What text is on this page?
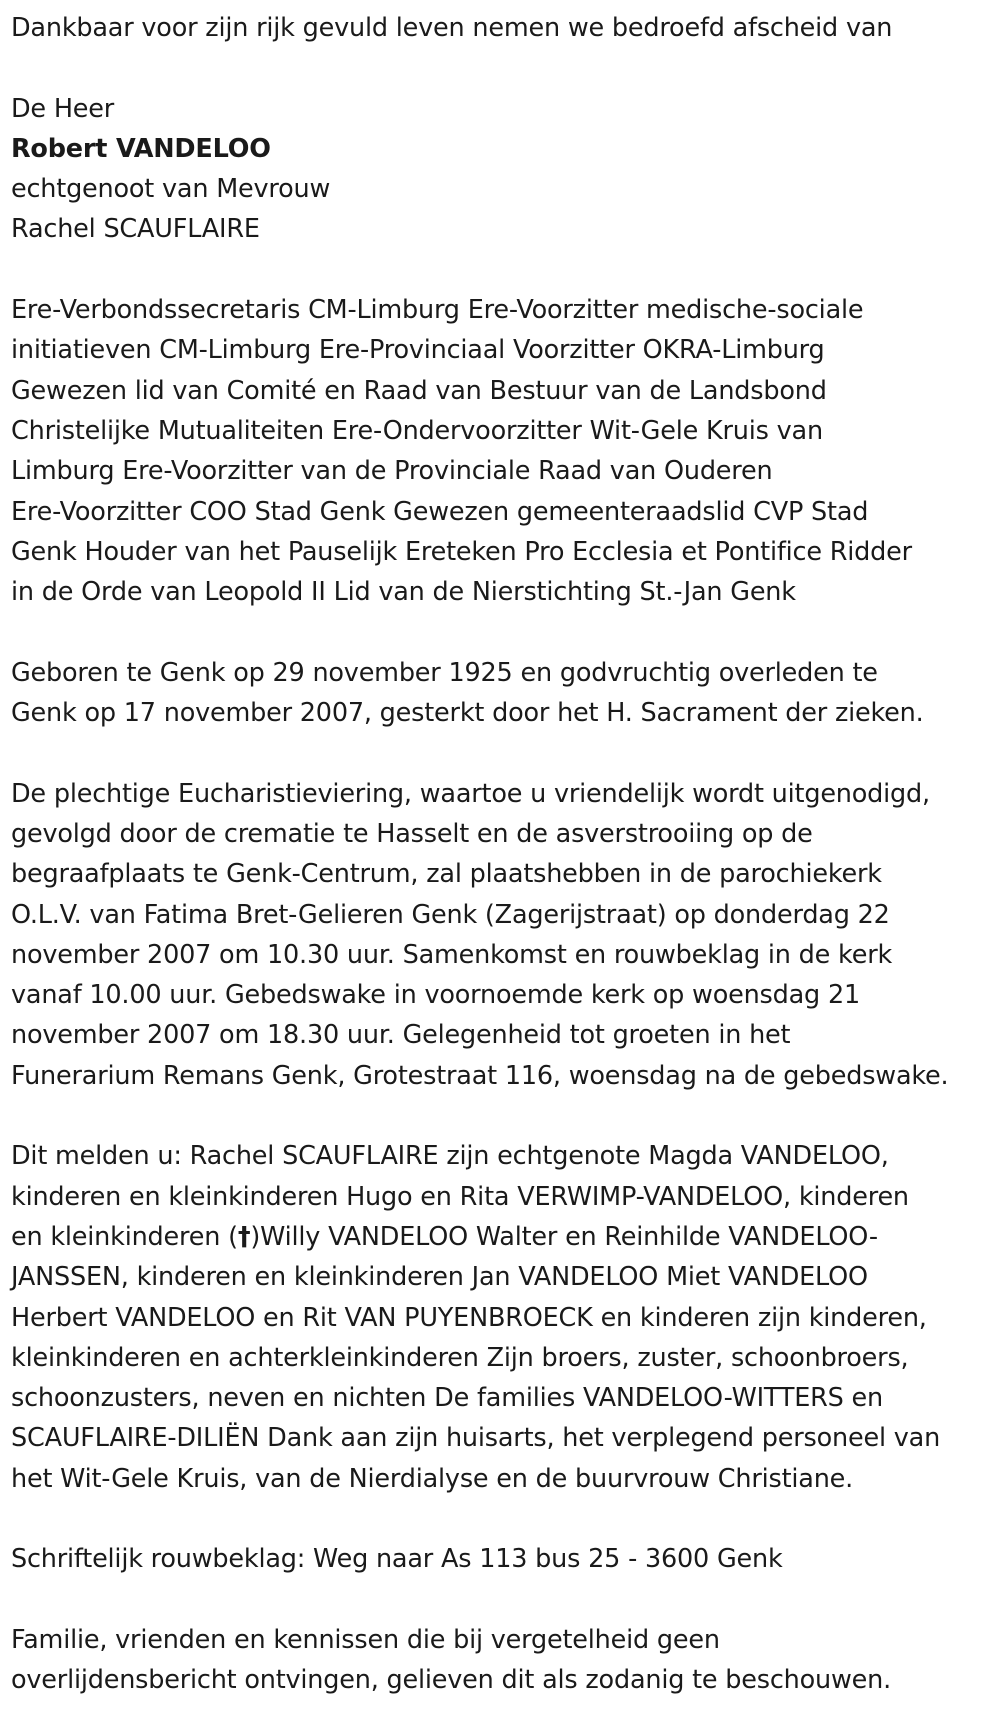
Dankbaar voor zijn rijk gevuld leven nemen we bedroefd afscheid van
De Heer
Robert VANDELOO
echtgenoot van Mevrouw
Rachel SCAUFLAIRE
Ere-Verbondssecretaris CM-Limburg Ere-Voorzitter medische-sociale
initiatieven CM-Limburg Ere-Provinciaal Voorzitter OKRA-Limburg
Gewezen lid van Comité en Raad van Bestuur van de Landsbond
Christelijke Mutualiteiten Ere-Ondervoorzitter Wit-Gele Kruis van
Limburg Ere-Voorzitter van de Provinciale Raad van Ouderen
Ere-Voorzitter COO Stad Genk Gewezen gemeenteraadslid CVP Stad
Genk Houder van het Pauselijk Ereteken Pro Ecclesia et Pontifice Ridder
in de Orde van Leopold II Lid van de Nierstichting St.-Jan Genk
Geboren te Genk op 29 november 1925 en godvruchtig overleden te
Genk op 17 november 2007, gesterkt door het H. Sacrament der zieken.
De plechtige Eucharistieviering, waartoe u vriendelijk wordt uitgenodigd,
gevolgd door de crematie te Hasselt en de asverstrooiing op de
begraafplaats te Genk-Centrum, zal plaatshebben in de parochiekerk
O.L.V. van Fatima Bret-Gelieren Genk (Zagerijstraat) op donderdag 22
november 2007 om 10.30 uur. Samenkomst en rouwbeklag in de kerk
vanaf 10.00 uur. Gebedswake in voornoemde kerk op woensdag 21
november 2007 om 18.30 uur. Gelegenheid tot groeten in het
Funerarium Remans Genk, Grotestraat 116, woensdag na de gebedswake.
Dit melden u: Rachel SCAUFLAIRE zijn echtgenote Magda VANDELOO,
kinderen en kleinkinderen Hugo en Rita VERWIMP-VANDELOO, kinderen
en kleinkinderen (†)Willy VANDELOO Walter en Reinhilde VANDELOO-
JANSSEN, kinderen en kleinkinderen Jan VANDELOO Miet VANDELOO
Herbert VANDELOO en Rit VAN PUYENBROECK en kinderen zijn kinderen,
kleinkinderen en achterkleinkinderen Zijn broers, zuster, schoonbroers,
schoonzusters, neven en nichten De families VANDELOO-WITTERS en
SCAUFLAIRE-DILIËN Dank aan zijn huisarts, het verplegend personeel van
het Wit-Gele Kruis, van de Nierdialyse en de buurvrouw Christiane.
Schriftelijk rouwbeklag: Weg naar As 113 bus 25 - 3600 Genk
Familie, vrienden en kennissen die bij vergetelheid geen
overlijdensbericht ontvingen, gelieven dit als zodanig te beschouwen.
